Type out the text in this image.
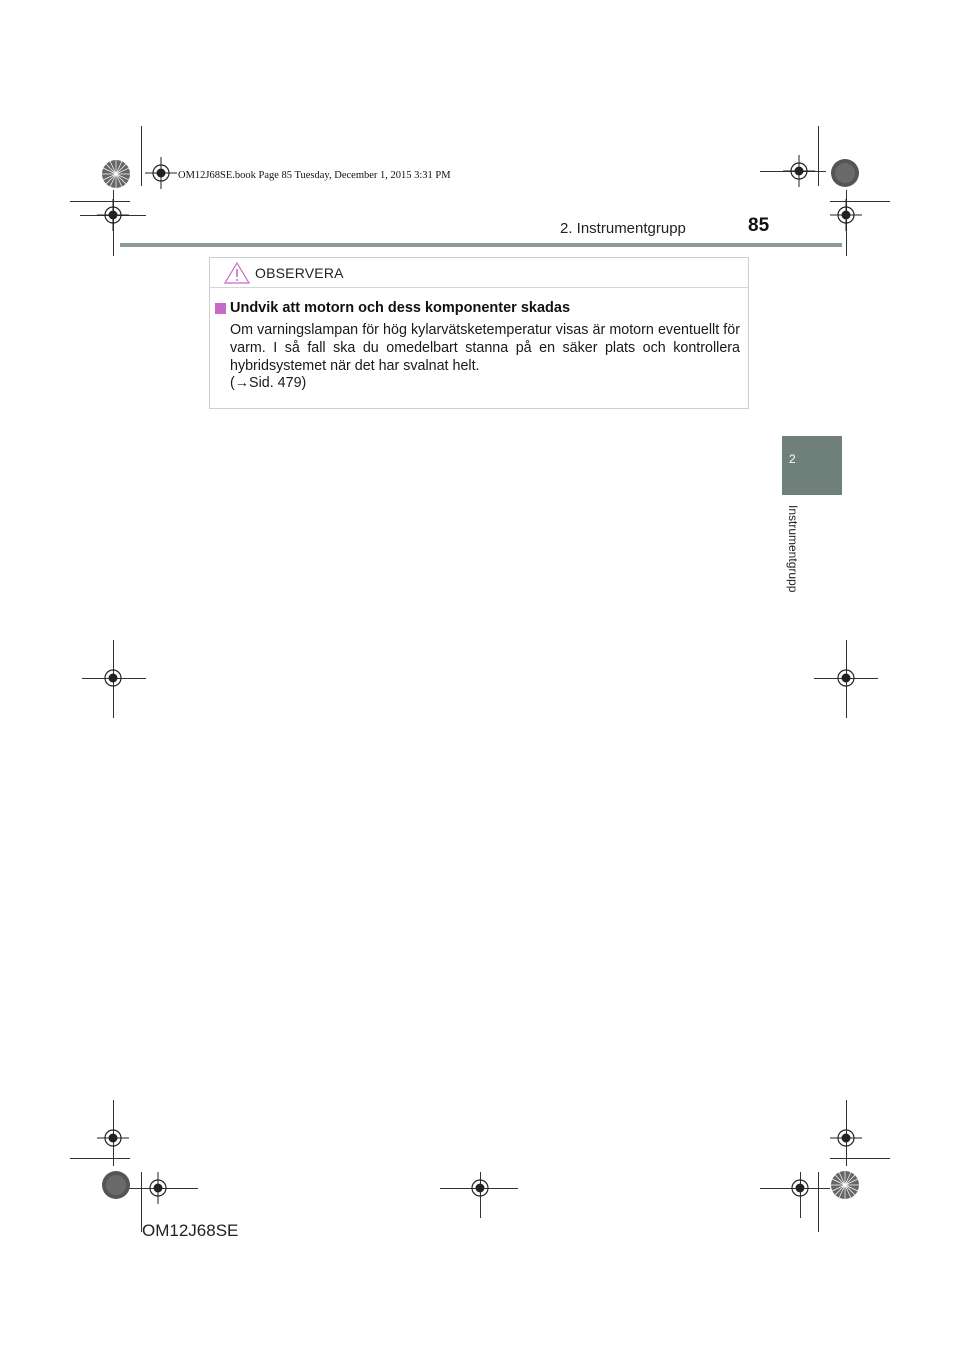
OM12J68SE.book Page 85 Tuesday, December 1, 2015 3:31 PM
2. Instrumentgrupp	85
2
Instrumentgrupp
OBSERVERA
Undvik att motorn och dess komponenter skadas
Om varningslampan för hög kylarvätsketemperatur visas är motorn eventuellt för varm. I så fall ska du omedelbart stanna på en säker plats och kontrollera hybridsystemet när det har svalnat helt.
(→Sid. 479)
OM12J68SE
